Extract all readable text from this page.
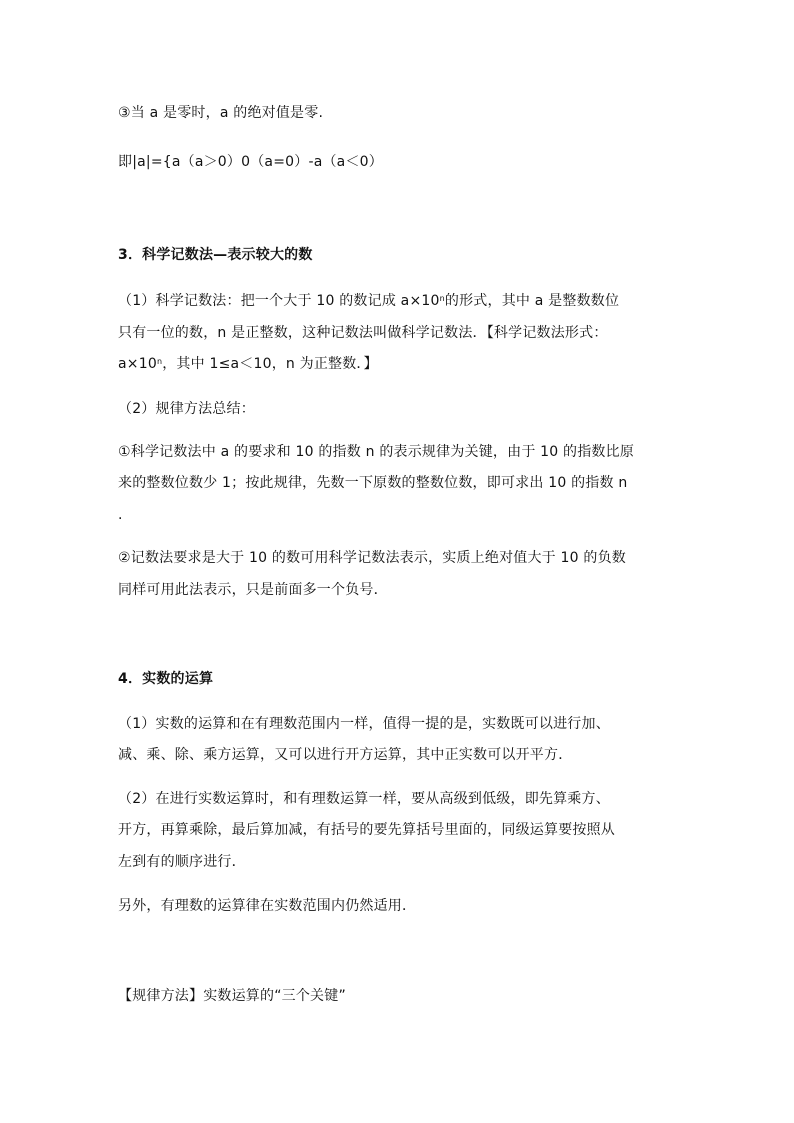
③当 a 是零时，a 的绝对值是零.
即|a|={a（a＞0）0（a=0）-a（a＜0）
3．科学记数法—表示较大的数
（1）科学记数法：把一个大于 10 的数记成 $a\times 10^n$的形式，其中 a 是整数数位
只有一位的数，n 是正整数，这种记数法叫做科学记数法．【科学记数法形式：
$a\times 10^n$，其中 1≤a＜10，n 为正整数．】
（2）规律方法总结：
①科学记数法中 a 的要求和 10 的指数 n 的表示规律为关键，由于 10 的指数比原
来的整数位数少 1；按此规律，先数一下原数的整数位数，即可求出 10 的指数 n
.
②记数法要求是大于 10 的数可用科学记数法表示，实质上绝对值大于 10 的负数
同样可用此法表示，只是前面多一个负号．
4．实数的运算
（1）实数的运算和在有理数范围内一样，值得一提的是，实数既可以进行加、
减、乘、除、乘方运算，又可以进行开方运算，其中正实数可以开平方．
（2）在进行实数运算时，和有理数运算一样，要从高级到低级，即先算乘方、
开方，再算乘除，最后算加减，有括号的要先算括号里面的，同级运算要按照从
左到有的顺序进行．
另外，有理数的运算律在实数范围内仍然适用．
【规律方法】实数运算的“三个关键”
